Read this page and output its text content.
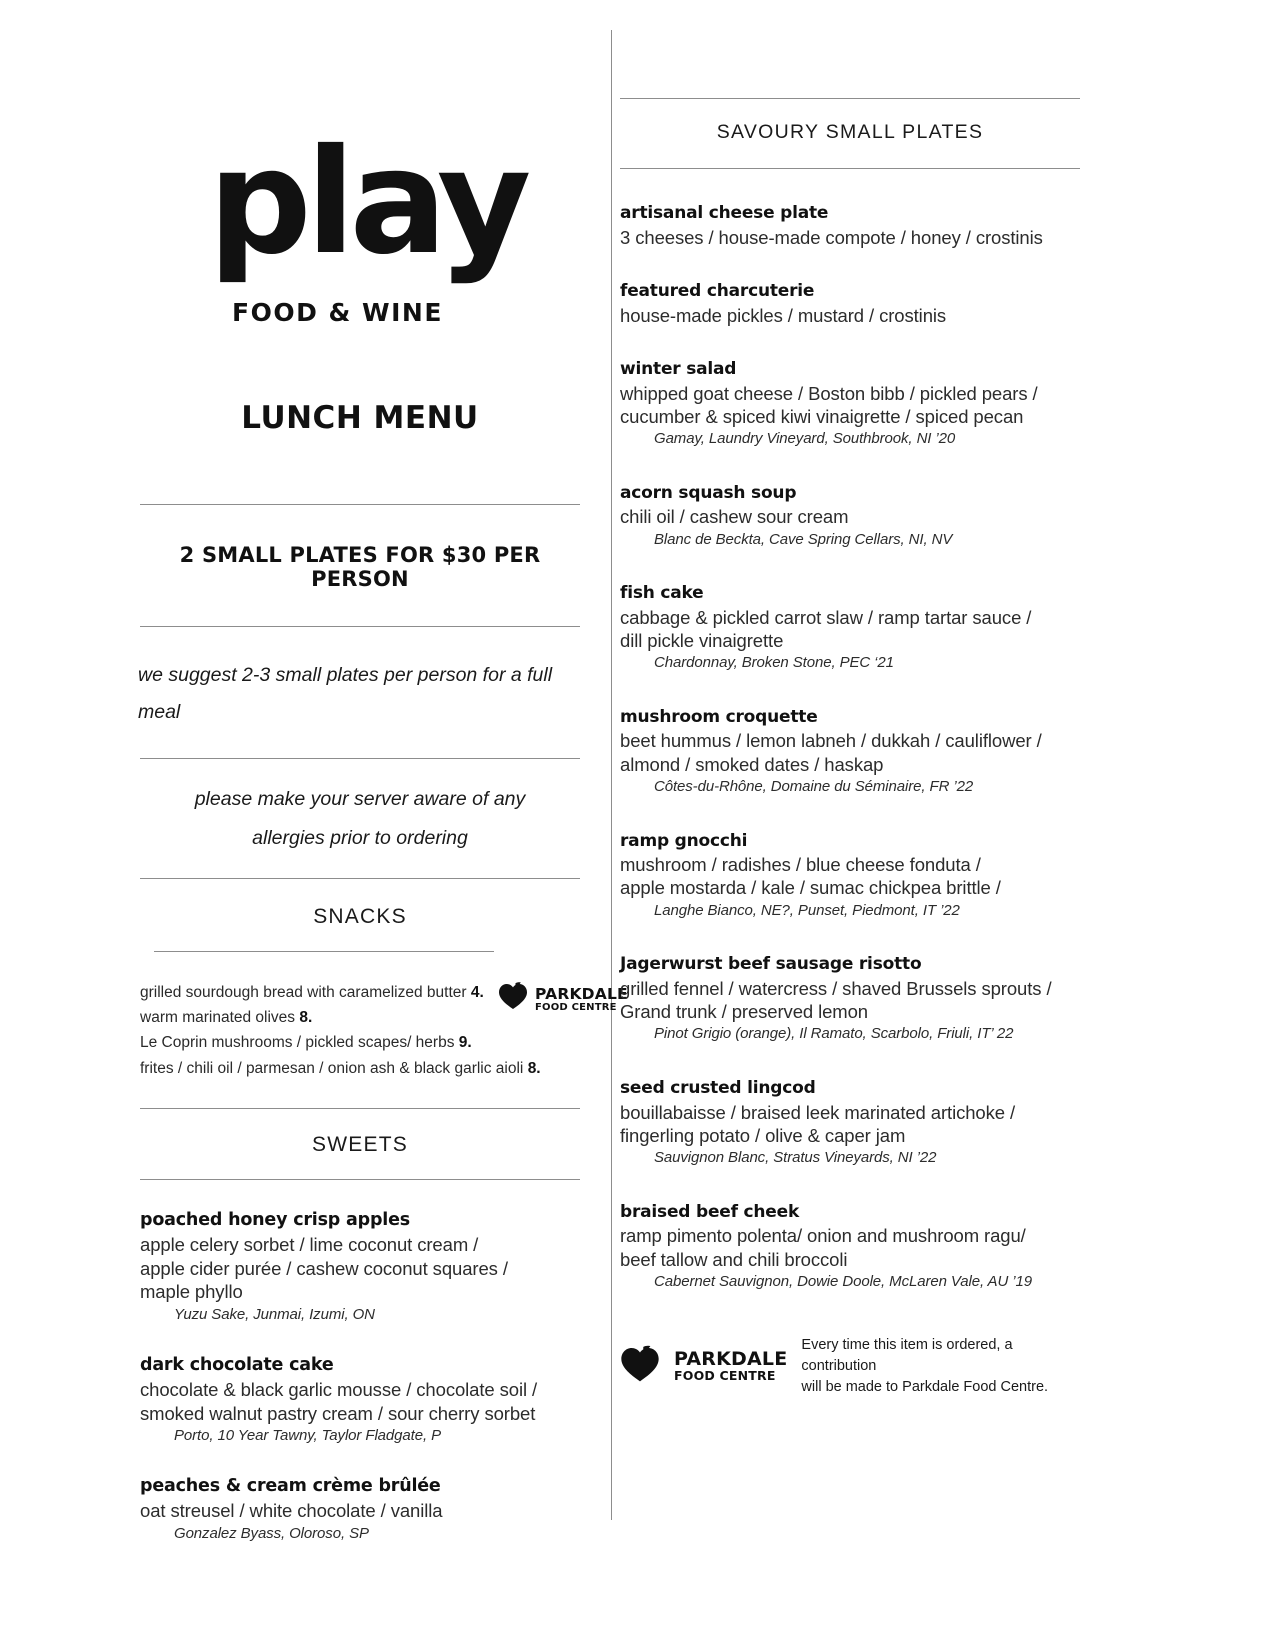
play
FOOD & WINE
LUNCH MENU
2 SMALL PLATES FOR $30 PER PERSON
we suggest 2-3 small plates per person for a full meal
please make your server aware of any
allergies prior to ordering
SNACKS
PARKDALE
FOOD CENTRE
grilled sourdough bread with caramelized butter 4.
warm marinated olives 8.
Le Coprin mushrooms / pickled scapes/ herbs 9.
frites / chili oil / parmesan / onion ash & black garlic aioli 8.
SWEETS
poached honey crisp apples
apple celery sorbet / lime coconut cream /
apple cider purée / cashew coconut squares /
maple phyllo
Yuzu Sake, Junmai, Izumi, ON
dark chocolate cake
chocolate & black garlic mousse / chocolate soil /
smoked walnut pastry cream / sour cherry sorbet
Porto, 10 Year Tawny, Taylor Fladgate, P
peaches & cream crème brûlée
oat streusel / white chocolate / vanilla
Gonzalez Byass, Oloroso, SP
SAVOURY SMALL PLATES
artisanal cheese plate
3 cheeses / house-made compote / honey / crostinis
featured charcuterie
house-made pickles / mustard / crostinis
winter salad
whipped goat cheese / Boston bibb / pickled pears /
cucumber & spiced kiwi vinaigrette / spiced pecan
Gamay, Laundry Vineyard, Southbrook, NI ’20
acorn squash soup
chili oil / cashew sour cream
Blanc de Beckta, Cave Spring Cellars, NI, NV
fish cake
cabbage & pickled carrot slaw / ramp tartar sauce /
dill pickle vinaigrette
Chardonnay, Broken Stone, PEC ‘21
mushroom croquette
beet hummus / lemon labneh / dukkah / cauliflower /
almond / smoked dates / haskap
Côtes-du-Rhône, Domaine du Séminaire, FR ’22
ramp gnocchi
mushroom / radishes / blue cheese fonduta /
apple mostarda / kale / sumac chickpea brittle /
Langhe Bianco, NE?, Punset, Piedmont, IT ’22
Jagerwurst beef sausage risotto
grilled fennel / watercress / shaved Brussels sprouts /
Grand trunk / preserved lemon
Pinot Grigio (orange), Il Ramato, Scarbolo, Friuli, IT’ 22
seed crusted lingcod
bouillabaisse / braised leek marinated artichoke /
fingerling potato / olive & caper jam
Sauvignon Blanc, Stratus Vineyards, NI ’22
braised beef cheek
ramp pimento polenta/ onion and mushroom ragu/
beef tallow and chili broccoli
Cabernet Sauvignon, Dowie Doole, McLaren Vale, AU ’19
PARKDALE
FOOD CENTRE
Every time this item is ordered, a contribution
will be made to Parkdale Food Centre.
